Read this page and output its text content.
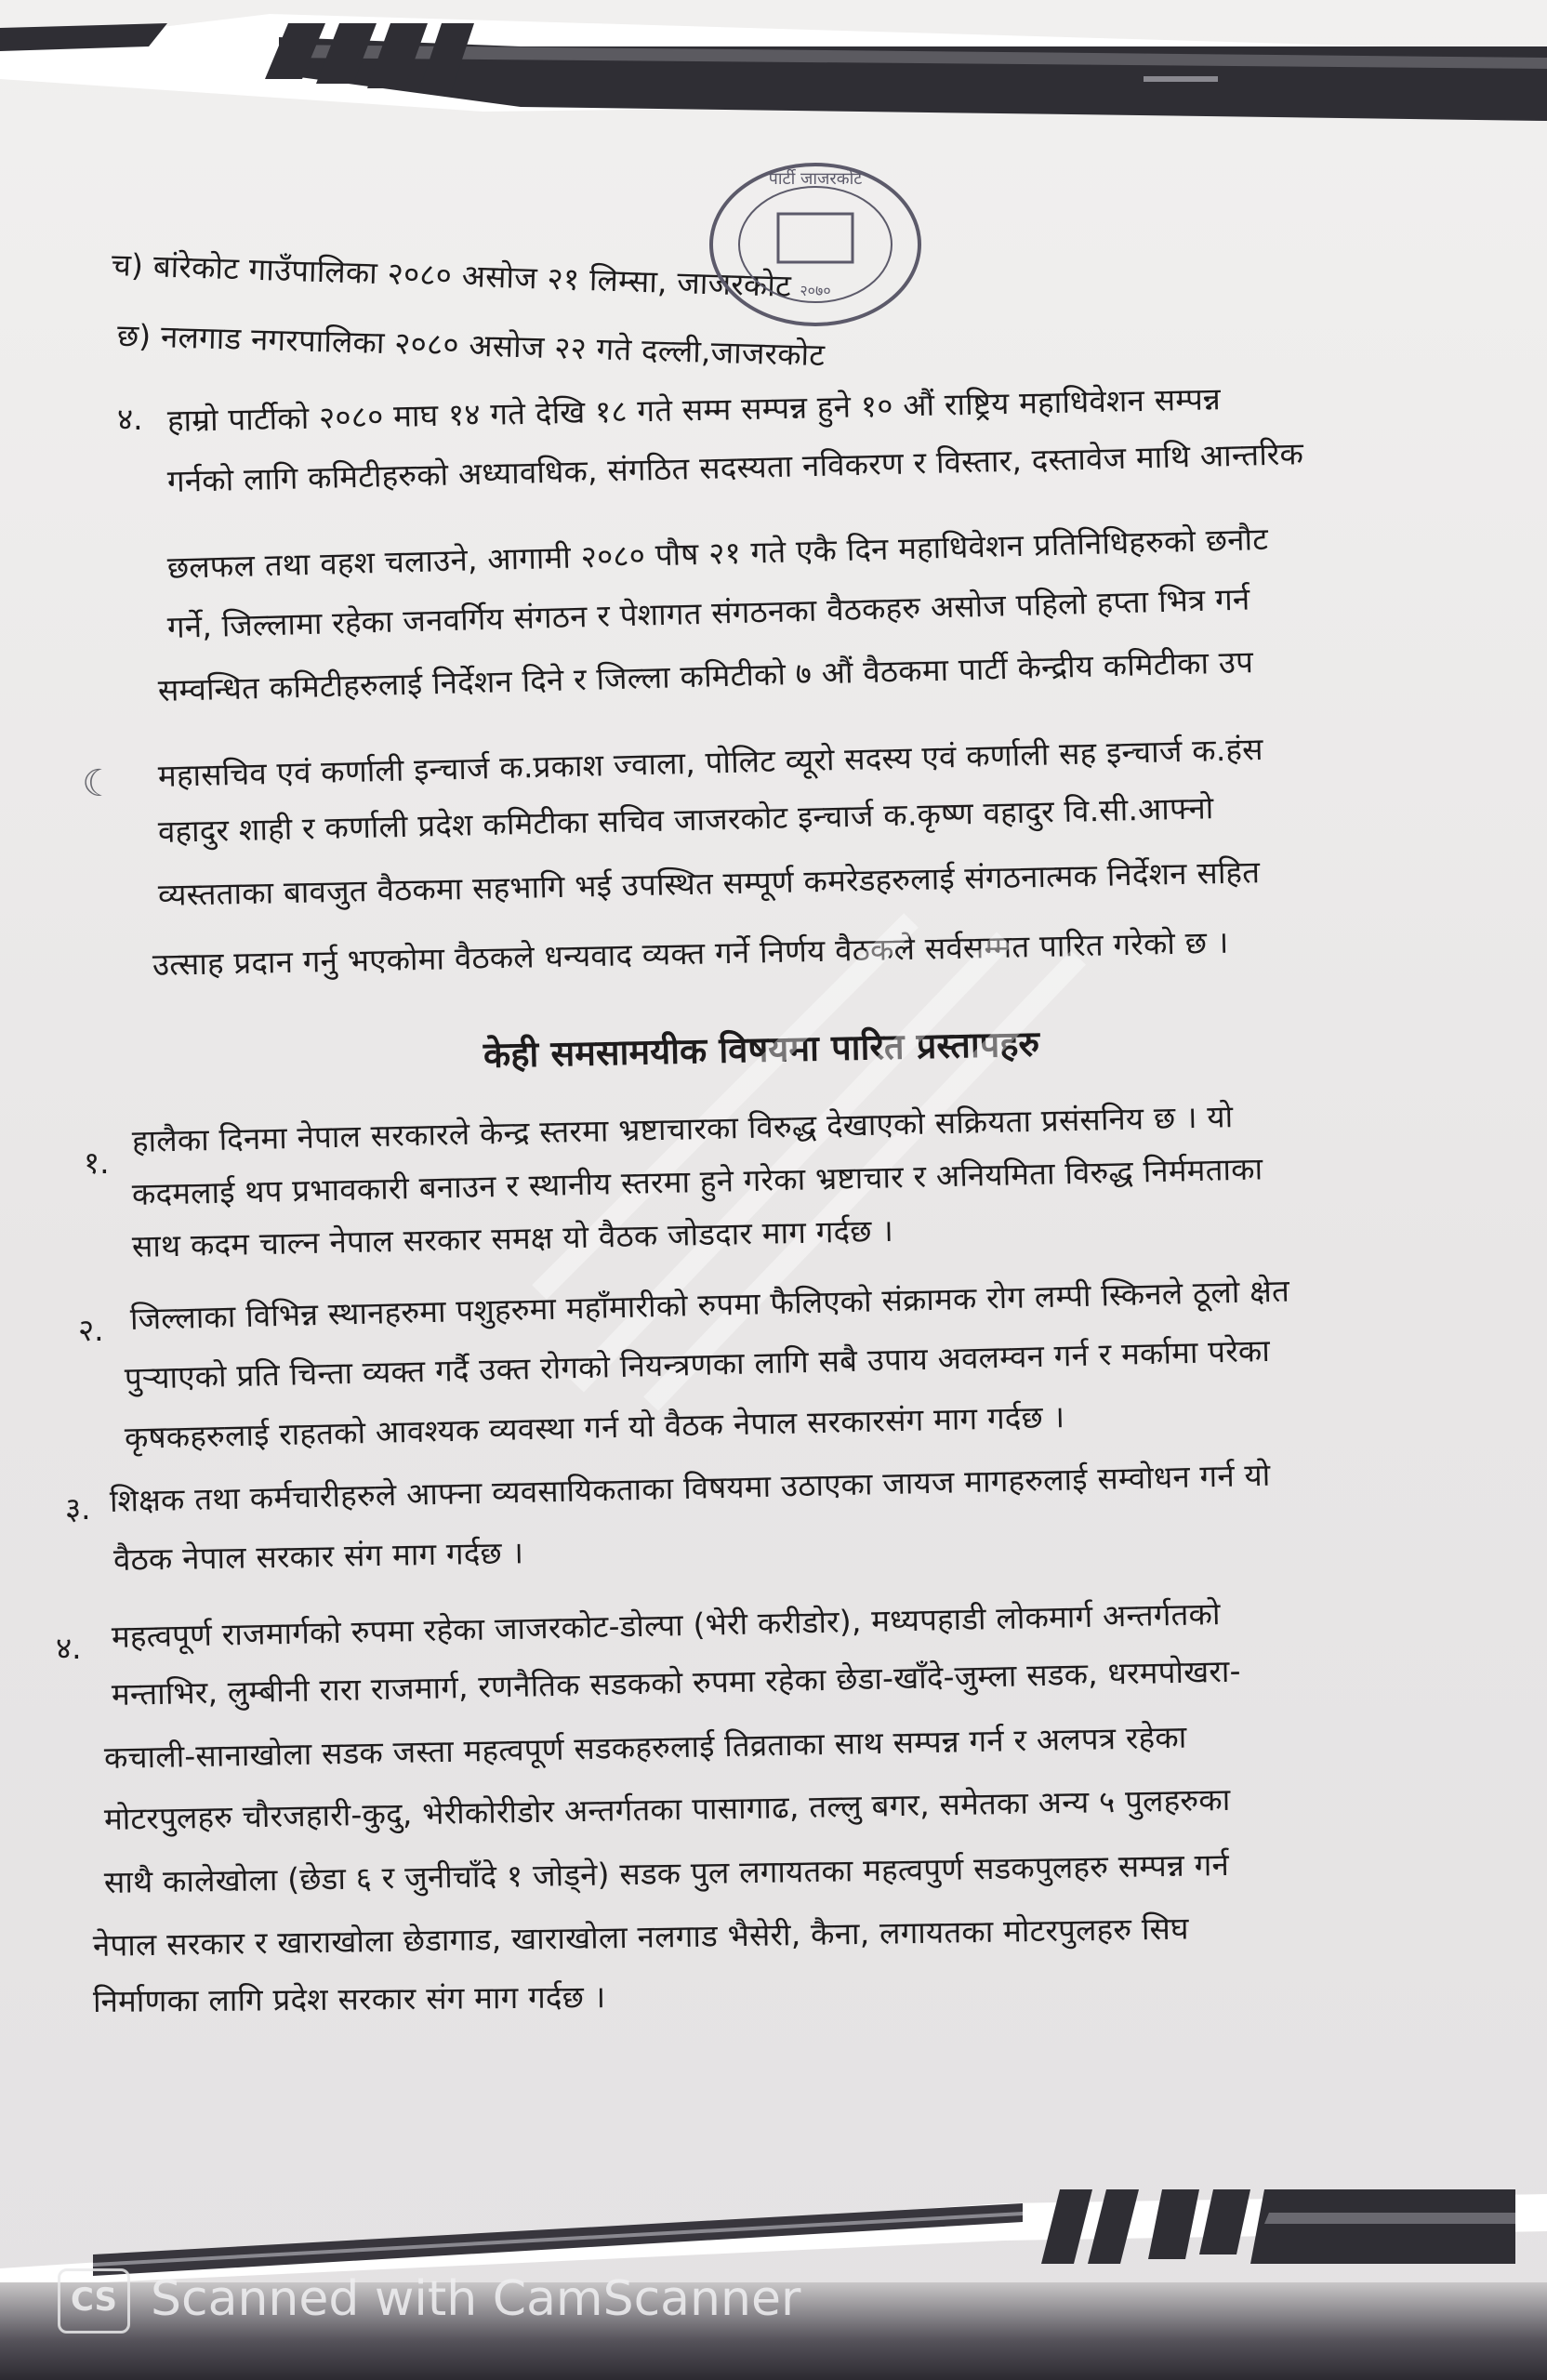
च) बांरेकोट गाउँपालिका २०८० असोज २१ लिम्सा, जाजरकोट
छ) नलगाड नगरपालिका २०८० असोज २२ गते दल्ली,जाजरकोट
पार्टी जाजरकोट
२०७०
४. हाम्रो पार्टीको २०८० माघ १४ गते देखि १८ गते सम्म सम्पन्न हुने १० औं राष्ट्रिय महाधिवेशन सम्पन्न
गर्नको लागि कमिटीहरुको अध्यावधिक, संगठित सदस्यता नविकरण र विस्तार, दस्तावेज माथि आन्तरिक
छलफल तथा वहश चलाउने, आगामी २०८० पौष २१ गते एकै दिन महाधिवेशन प्रतिनिधिहरुको छनौट
गर्ने, जिल्लामा रहेका जनवर्गिय संगठन र पेशागत संगठनका वैठकहरु असोज पहिलो हप्ता भित्र गर्न
सम्वन्धित कमिटीहरुलाई निर्देशन दिने र जिल्ला कमिटीको ७ औं वैठकमा पार्टी केन्द्रीय कमिटीका उप
☾ महासचिव एवं कर्णाली इन्चार्ज क.प्रकाश ज्वाला, पोलिट व्यूरो सदस्य एवं कर्णाली सह इन्चार्ज क.हंस
वहादुर शाही र कर्णाली प्रदेश कमिटीका सचिव जाजरकोट इन्चार्ज क.कृष्ण वहादुर वि.सी.आफ्नो
व्यस्तताका बावजुत वैठकमा सहभागि भई उपस्थित सम्पूर्ण कमरेडहरुलाई संगठनात्मक निर्देशन सहित
उत्साह प्रदान गर्नु भएकोमा वैठकले धन्यवाद व्यक्त गर्ने निर्णय वैठकले सर्वसम्मत पारित गरेको छ ।
केही समसामयीक विषयमा पारित प्रस्तापहरु
१.
हालैका दिनमा नेपाल सरकारले केन्द्र स्तरमा भ्रष्टाचारका विरुद्ध देखाएको सक्रियता प्रसंसनिय छ । यो
कदमलाई थप प्रभावकारी बनाउन र स्थानीय स्तरमा हुने गरेका भ्रष्टाचार र अनियमिता विरुद्ध निर्ममताका
साथ कदम चाल्न नेपाल सरकार समक्ष यो वैठक जोडदार माग गर्दछ ।
२. जिल्लाका विभिन्न स्थानहरुमा पशुहरुमा महाँमारीको रुपमा फैलिएको संक्रामक रोग लम्पी स्किनले ठूलो क्षेत
पुऱ्याएको प्रति चिन्ता व्यक्त गर्दै उक्त रोगको नियन्त्रणका लागि सबै उपाय अवलम्वन गर्न र मर्कामा परेका
कृषकहरुलाई राहतको आवश्यक व्यवस्था गर्न यो वैठक नेपाल सरकारसंग माग गर्दछ ।
३. शिक्षक तथा कर्मचारीहरुले आफ्ना व्यवसायिकताका विषयमा उठाएका जायज मागहरुलाई सम्वोधन गर्न यो
वैठक नेपाल सरकार संग माग गर्दछ ।
४. महत्वपूर्ण राजमार्गको रुपमा रहेका जाजरकोट-डोल्पा (भेरी करीडोर), मध्यपहाडी लोकमार्ग अन्तर्गतको
मन्ताभिर, लुम्बीनी रारा राजमार्ग, रणनैतिक सडकको रुपमा रहेका छेडा-खाँदे-जुम्ला सडक, धरमपोखरा-
कचाली-सानाखोला सडक जस्ता महत्वपूर्ण सडकहरुलाई तिव्रताका साथ सम्पन्न गर्न र अलपत्र रहेका
मोटरपुलहरु चौरजहारी-कुदु, भेरीकोरीडोर अन्तर्गतका पासागाढ, तल्लु बगर, समेतका अन्य ५ पुलहरुका
साथै कालेखोला (छेडा ६ र जुनीचाँदे १ जोड्ने) सडक पुल लगायतका महत्वपुर्ण सडकपुलहरु सम्पन्न गर्न
नेपाल सरकार र खाराखोला छेडागाड, खाराखोला नलगाड भैसेरी, कैना, लगायतका मोटरपुलहरु सिघ
निर्माणका लागि प्रदेश सरकार संग माग गर्दछ ।
CS Scanned with CamScanner
